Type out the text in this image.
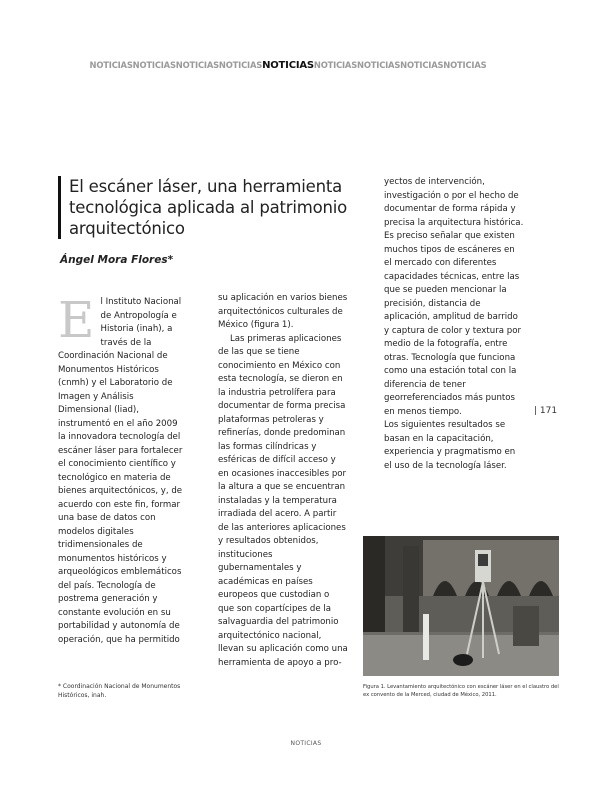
NOTICIASNOTICIASNOTICIASNOTICIASNOTICIASNOTICIASNOTICIASNOTICIASNOTICIAS
El escáner láser, una herramienta tecnológica aplicada al patrimonio arquitectónico
Ángel Mora Flores*
E l Instituto Nacional de Antropología e Historia (inah), a través de la Coordinación Nacional de Monumentos Históricos (cnmh) y el Laboratorio de Imagen y Análisis Dimensional (liad), instrumentó en el año 2009 la innovadora tecnología del escáner láser para fortalecer el conocimiento científico y tecnológico en materia de bienes arquitectónicos, y, de acuerdo con este fin, formar una base de datos con modelos digitales tridimensionales de monumentos históricos y arqueológicos emblemáticos del país. Tecnología de postrema generación y constante evolución en su portabilidad y autonomía de operación, que ha permitido

su aplicación en varios bienes arquitectónicos culturales de México (figura 1).

Las primeras aplicaciones de las que se tiene conocimiento en México con esta tecnología, se dieron en la industria petrolífera para documentar de forma precisa plataformas petroleras y refinerías, donde predominan las formas cilíndricas y esféricas de difícil acceso y en ocasiones inaccesibles por la altura a que se encuentran instaladas y la temperatura irradiada del acero. A partir de las anteriores aplicaciones y resultados obtenidos, instituciones gubernamentales y académicas en países europeos que custodian o que son copartícipes de la salvaguardia del patrimonio arquitectónico nacional, llevan su aplicación como una herramienta de apoyo a pro-

yectos de intervención, investigación o por el hecho de documentar de forma rápida y precisa la arquitectura histórica. Es preciso señalar que existen muchos tipos de escáneres en el mercado con diferentes capacidades técnicas, entre las que se pueden mencionar la precisión, distancia de aplicación, amplitud de barrido y captura de color y textura por medio de la fotografía, entre otras. Tecnología que funciona como una estación total con la diferencia de tener georreferenciados más puntos en menos tiempo.

Los siguientes resultados se basan en la capacitación, experiencia y pragmatismo en el uso de la tecnología láser.

| 171
* Coordinación Nacional de Monumentos Históricos, inah.
Figura 1. Levantamiento arquitectónico con escáner láser en el claustro del ex convento de la Merced, ciudad de México, 2011.
NOTICIAS
